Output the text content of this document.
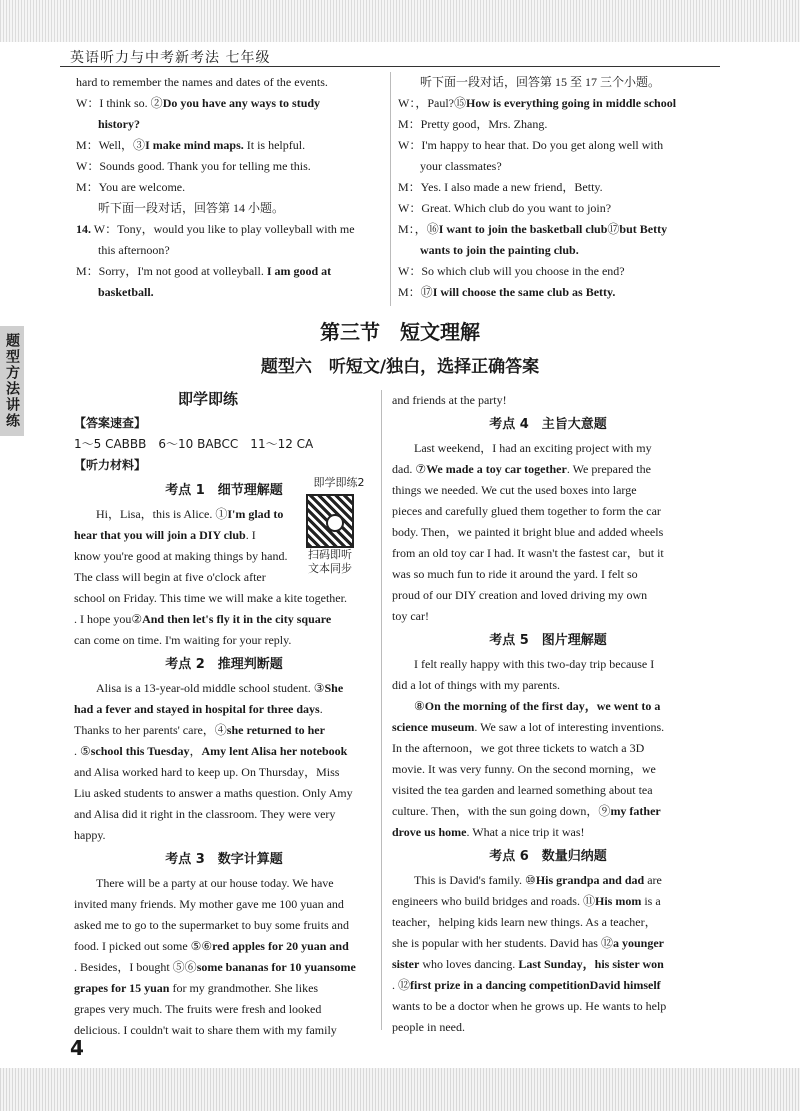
英语听力与中考新考法 七年级
题型方法讲练

hard to remember the names and dates of the events.

W：I think so. ②Do you have any ways to study

history?

M：Well，③I make mind maps. It is helpful.

W：Sounds good. Thank you for telling me this.

M：You are welcome.

听下面一段对话，回答第 14 小题。

14. W：Tony，would you like to play volleyball with me

this afternoon?

M：Sorry，I'm not good at volleyball. I am good at

basketball.

听下面一段对话，回答第 15 至 17 三个小题。

W：，Paul?⑮How is everything going in middle school

M：Pretty good，Mrs. Zhang.

W：I'm happy to hear that. Do you get along well with

your classmates?

M：Yes. I also made a new friend，Betty.

W：Great. Which club do you want to join?

M：，⑯I want to join the basketball club⑰but Betty

wants to join the painting club.

W：So which club will you choose in the end?

M：⑰I will choose the same club as Betty.

第三节　短文理解
题型六　听短文/独白，选择正确答案
即学即练
【答案速查】
1～5 CABBB　6～10 BABCC　11～12 CA
【听力材料】
即学即练2
扫码即听
文本同步

考点 1　细节理解题

Hi，Lisa，this is Alice. ①I'm glad to

hear that you will join a DIY club. I

know you're good at making things by hand.

The class will begin at five o'clock after

school on Friday. This time we will make a kite together.

. I hope you②And then let's fly it in the city square

can come on time. I'm waiting for your reply.

考点 2　推理判断题

Alisa is a 13-year-old middle school student. ③She

had a fever and stayed in hospital for three days.

Thanks to her parents' care，④she returned to her

. ⑤school this Tuesday，Amy lent Alisa her notebook

and Alisa worked hard to keep up. On Thursday，Miss

Liu asked students to answer a maths question. Only Amy

and Alisa did it right in the classroom. They were very

happy.

考点 3　数字计算题

There will be a party at our house today. We have

invited many friends. My mother gave me 100 yuan and

asked me to go to the supermarket to buy some fruits and

food. I picked out some ⑤⑥red apples for 20 yuan and

. Besides，I bought ⑤⑥some bananas for 10 yuansome

grapes for 15 yuan for my grandmother. She likes

grapes very much. The fruits were fresh and looked

delicious. I couldn't wait to share them with my family

and friends at the party!

考点 4　主旨大意题

Last weekend，I had an exciting project with my

dad. ⑦We made a toy car together. We prepared the

things we needed. We cut the used boxes into large

pieces and carefully glued them together to form the car

body. Then，we painted it bright blue and added wheels

from an old toy car I had. It wasn't the fastest car，but it

was so much fun to ride it around the yard. I felt so

proud of our DIY creation and loved driving my own

toy car!

考点 5　图片理解题

I felt really happy with this two-day trip because I

did a lot of things with my parents.

⑧On the morning of the first day，we went to a

science museum. We saw a lot of interesting inventions.

In the afternoon，we got three tickets to watch a 3D

movie. It was very funny. On the second morning，we

visited the tea garden and learned something about tea

culture. Then，with the sun going down，⑨my father

drove us home. What a nice trip it was!

考点 6　数量归纳题

This is David's family. ⑩His grandpa and dad are

engineers who build bridges and roads. ⑪His mom is a

teacher，helping kids learn new things. As a teacher，

she is popular with her students. David has ⑫a younger

sister who loves dancing. Last Sunday，his sister won

. ⑫first prize in a dancing competitionDavid himself

wants to be a doctor when he grows up. He wants to help

people in need.

4
